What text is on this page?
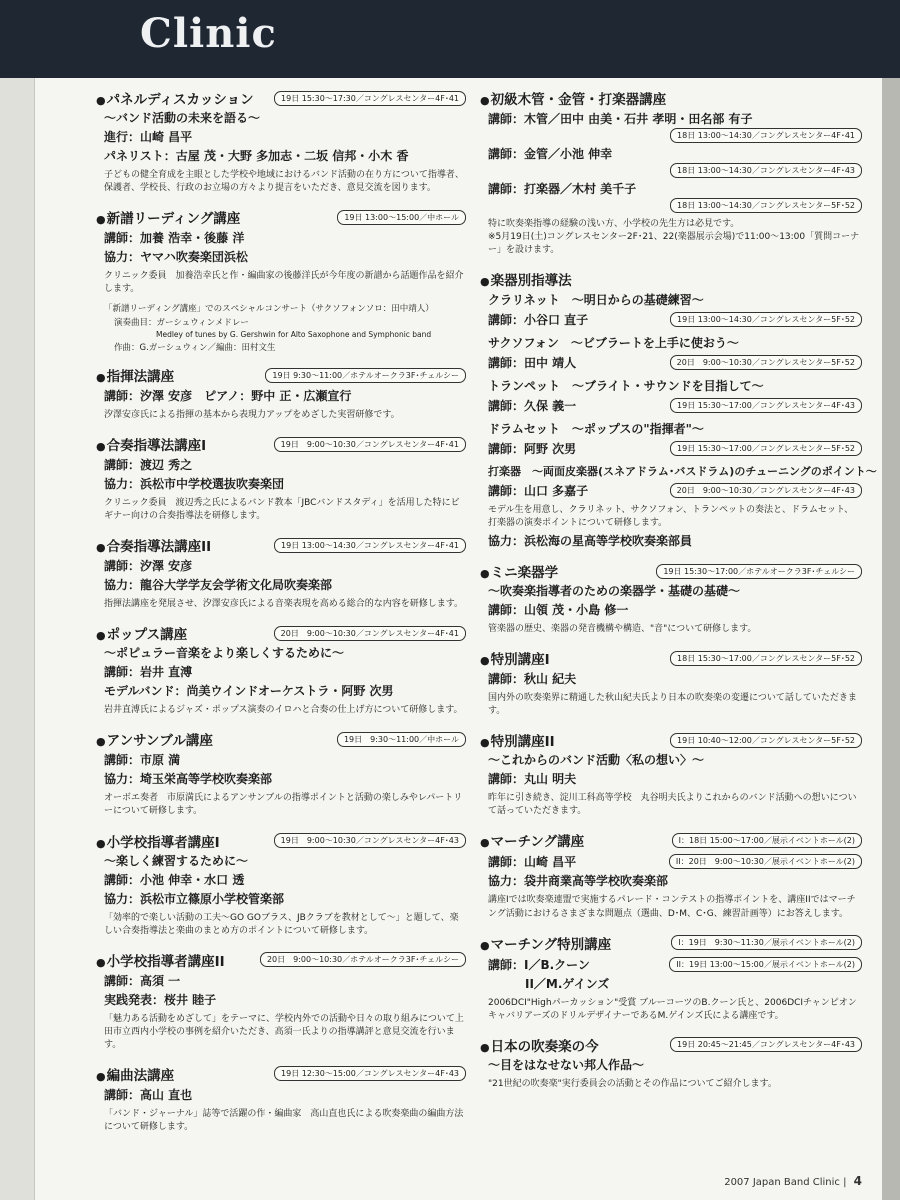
Clinic
● パネルディスカッション	19日 15:30〜17:30／コングレスセンター4F･41
〜バンド活動の未来を語る〜
進行：山崎 昌平
パネリスト：古屋 茂・大野 多加志・二坂 信邦・小木 香
子どもの健全育成を主眼とした学校や地域におけるバンド活動の在り方について指導者、保護者、学校長、行政のお立場の方々より提言をいただき、意見交流を図ります。
● 新譜リーディング講座	19日 13:00〜15:00／中ホール
講師：加養 浩幸・後藤 洋
協力：ヤマハ吹奏楽団浜松
クリニック委員　加養浩幸氏と作・編曲家の後藤洋氏が今年度の新譜から話題作品を紹介します。
「新譜リーディング講座」でのスペシャルコンサート（サクソフォンソロ：田中靖人）
演奏曲目：ガーシュウィンメドレー
Medley of tunes by G. Gershwin for Alto Saxophone and Symphonic band
作曲：G.ガーシュウィン／編曲：田村文生
● 指揮法講座	19日 9:30〜11:00／ホテルオークラ3F･チェルシー
講師：汐澤 安彦　ピアノ：野中 正・広瀬宣行
汐澤安彦氏による指揮の基本から表現力アップをめざした実習研修です。
● 合奏指導法講座I	19日　9:00〜10:30／コングレスセンター4F･41
講師：渡辺 秀之
協力：浜松市中学校選抜吹奏楽団
クリニック委員　渡辺秀之氏によるバンド教本「JBCバンドスタディ」を活用した特にビギナー向けの合奏指導法を研修します。
● 合奏指導法講座II	19日 13:00〜14:30／コングレスセンター4F･41
講師：汐澤 安彦
協力：龍谷大学学友会学術文化局吹奏楽部
指揮法講座を発展させ、汐澤安彦氏による音楽表現を高める総合的な内容を研修します。
● ポップス講座	20日　9:00〜10:30／コングレスセンター4F･41
〜ポピュラー音楽をより楽しくするために〜
講師：岩井 直溥
モデルバンド：尚美ウインドオーケストラ・阿野 次男
岩井直溥氏によるジャズ・ポップス演奏のイロハと合奏の仕上げ方について研修します。
● アンサンブル講座	19日　9:30〜11:00／中ホール
講師：市原 満
協力：埼玉栄高等学校吹奏楽部
オーボエ奏者　市原満氏によるアンサンブルの指導ポイントと活動の楽しみやレパートリーについて研修します。
● 小学校指導者講座I	19日　9:00〜10:30／コングレスセンター4F･43
〜楽しく練習するために〜
講師：小池 伸幸・水口 透
協力：浜松市立篠原小学校管楽部
「効率的で楽しい活動の工夫〜GO GOブラス、JBクラブを教材として〜」と題して、楽しい合奏指導法と楽曲のまとめ方のポイントについて研修します。
● 小学校指導者講座II	20日　9:00〜10:30／ホテルオークラ3F･チェルシー
講師：高須 一
実践発表：桜井 睦子
「魅力ある活動をめざして」をテーマに、学校内外での活動や日々の取り組みについて上田市立西内小学校の事例を紹介いただき、高須一氏よりの指導講評と意見交流を行います。
● 編曲法講座	19日 12:30〜15:00／コングレスセンター4F･43
講師：高山 直也
「バンド・ジャーナル」誌等で活躍の作・編曲家　高山直也氏による吹奏楽曲の編曲方法について研修します。
● 初級木管・金管・打楽器講座
講師：木管／田中 由美・石井 孝明・田名部 有子
18日 13:00〜14:30／コングレスセンター4F･41
講師：金管／小池 伸幸
18日 13:00〜14:30／コングレスセンター4F･43
講師：打楽器／木村 美千子
18日 13:00〜14:30／コングレスセンター5F･52
特に吹奏楽指導の経験の浅い方、小学校の先生方は必見です。
※5月19日(土)コングレスセンター2F･21、22(楽器展示会場)で11:00〜13:00「質問コーナー」を設けます。
● 楽器別指導法
クラリネット　〜明日からの基礎練習〜
講師：小谷口 直子	19日 13:00〜14:30／コングレスセンター5F･52
サクソフォン　〜ビブラートを上手に使おう〜
講師：田中 靖人	20日　9:00〜10:30／コングレスセンター5F･52
トランペット　〜ブライト・サウンドを目指して〜
講師：久保 義一	19日 15:30〜17:00／コングレスセンター4F･43
ドラムセット　〜ポップスの"指揮者"〜
講師：阿野 次男	19日 15:30〜17:00／コングレスセンター5F･52
打楽器　〜両面皮楽器(スネアドラム･バスドラム)のチューニングのポイント〜
講師：山口 多嘉子	20日　9:00〜10:30／コングレスセンター4F･43
モデル生を用意し、クラリネット、サクソフォン、トランペットの奏法と、ドラムセット、打楽器の演奏ポイントについて研修します。
協力：浜松海の星高等学校吹奏楽部員
● ミニ楽器学	19日 15:30〜17:00／ホテルオークラ3F･チェルシー
〜吹奏楽指導者のための楽器学・基礎の基礎〜
講師：山領 茂・小島 修一
管楽器の歴史、楽器の発音機構や構造、"音"について研修します。
● 特別講座I	18日 15:30〜17:00／コングレスセンター5F･52
講師：秋山 紀夫
国内外の吹奏楽界に精通した秋山紀夫氏より日本の吹奏楽の変遷について話していただきます。
● 特別講座II	19日 10:40〜12:00／コングレスセンター5F･52
〜これからのバンド活動〈私の想い〉〜
講師：丸山 明夫
昨年に引き続き、淀川工科高等学校　丸谷明夫氏よりこれからのバンド活動への想いについて話っていただきます。
● マーチング講座	I：18日 15:00〜17:00／展示イベントホール(2)
講師：山崎 昌平	II：20日　9:00〜10:30／展示イベントホール(2)
協力：袋井商業高等学校吹奏楽部
講座Iでは吹奏楽連盟で実施するパレード・コンテストの指導ポイントを、講座IIではマーチング活動におけるさまざまな問題点（選曲、D･M、C･G、練習計画等）にお答えします。
● マーチング特別講座	I：19日　9:30〜11:30／展示イベントホール(2)
講師：I／B.クーン	II：19日 13:00〜15:00／展示イベントホール(2)
II／M.ゲインズ
2006DCI"Highパーカッション"受賞 ブルーコーツのB.クーン氏と、2006DCIチャンピオン キャバリアーズのドリルデザイナーであるM.ゲインズ氏による講座です。
● 日本の吹奏楽の今	19日 20:45〜21:45／コングレスセンター4F･43
〜目をはなせない邦人作品〜
"21世紀の吹奏楽"実行委員会の活動とその作品についてご紹介します。
2007 Japan Band Clinic | 4
